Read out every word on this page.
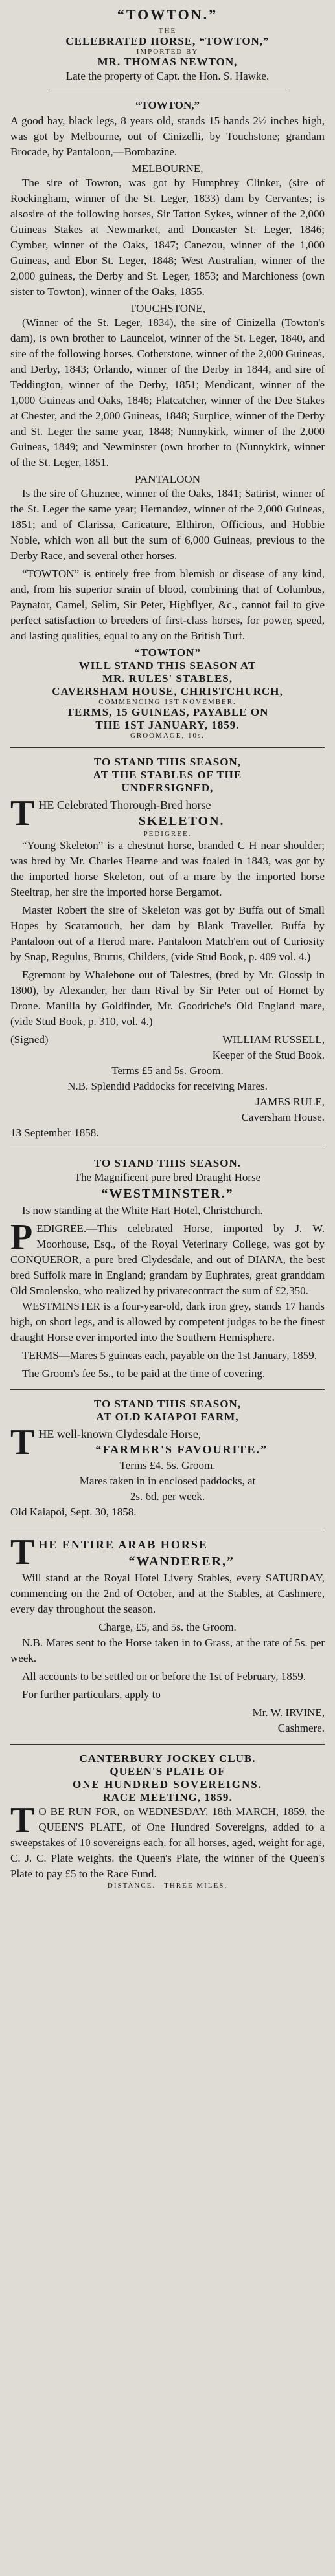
“TOWTON.”
THE
CELEBRATED HORSE, “TOWTON,”
IMPORTED BY
MR. THOMAS NEWTON,
Late the property of Capt. the Hon. S. Hawke.
“TOWTON,”

A good bay, black legs, 8 years old, stands 15 hands 2½ inches high, was got by Melbourne, out of Cinizelli, by Touchstone; grandam Brocade, by Pantaloon,—Bombazine.

MELBOURNE,

The sire of Towton, was got by Humphrey Clinker, (sire of Rockingham, winner of the St. Leger, 1833) dam by Cervantes; is alsosire of the following horses, Sir Tatton Sykes, winner of the 2,000 Guineas Stakes at Newmarket, and Doncaster St. Leger, 1846; Cymber, winner of the Oaks, 1847; Canezou, winner of the 1,000 Guineas, and Ebor St. Leger, 1848; West Australian, winner of the 2,000 guineas, the Derby and St. Leger, 1853; and Marchioness (own sister to Towton), winner of the Oaks, 1855.

TOUCHSTONE,

(Winner of the St. Leger, 1834), the sire of Cinizella (Towton's dam), is own brother to Launcelot, winner of the St. Leger, 1840, and sire of the following horses, Cotherstone, winner of the 2,000 Guineas, and Derby, 1843; Orlando, winner of the Derby in 1844, and sire of Teddington, winner of the Derby, 1851; Mendicant, winner of the 1,000 Guineas and Oaks, 1846; Flatcatcher, winner of the Dee Stakes at Chester, and the 2,000 Guineas, 1848; Surplice, winner of the Derby and St. Leger the same year, 1848; Nunnykirk, winner of the 2,000 Guineas, 1849; and Newminster (own brother to (Nunnykirk, winner of the St. Leger, 1851.

PANTALOON

Is the sire of Ghuznee, winner of the Oaks, 1841; Satirist, winner of the St. Leger the same year; Hernandez, winner of the 2,000 Guineas, 1851; and of Clarissa, Caricature, Elthiron, Officious, and Hobbie Noble, which won all but the sum of 6,000 Guineas, previous to the Derby Race, and several other horses.

“TOWTON” is entirely free from blemish or disease of any kind, and, from his superior strain of blood, combining that of Columbus, Paynator, Camel, Selim, Sir Peter, Highflyer, &c., cannot fail to give perfect satisfaction to breeders of first-class horses, for power, speed, and lasting qualities, equal to any on the British Turf.

“TOWTON”
WILL STAND THIS SEASON AT
MR. RULES' STABLES,
CAVERSHAM HOUSE, CHRISTCHURCH,
COMMENCING 1ST NOVEMBER.
TERMS, 15 GUINEAS, PAYABLE ON
THE 1ST JANUARY, 1859.
GROOMAGE, 10s.
TO STAND THIS SEASON,
AT THE STABLES OF THE
UNDERSIGNED,
T HE Celebrated Thorough-Bred horse
SKELETON.
PEDIGREE.

“Young Skeleton” is a chestnut horse, branded C H near shoulder; was bred by Mr. Charles Hearne and was foaled in 1843, was got by the imported horse Skeleton, out of a mare by the imported horse Steeltrap, her sire the imported horse Bergamot.

Master Robert the sire of Skeleton was got by Buffa out of Small Hopes by Scaramouch, her dam by Blank Traveller. Buffa by Pantaloon out of a Herod mare. Pantaloon Match'em out of Curiosity by Snap, Regulus, Brutus, Childers, (vide Stud Book, p. 409 vol. 4.)

Egremont by Whalebone out of Talestres, (bred by Mr. Glossip in 1800), by Alexander, her dam Rival by Sir Peter out of Hornet by Drone. Manilla by Goldfinder, Mr. Goodriche's Old England mare, (vide Stud Book, p. 310, vol. 4.)

(Signed)	WILLIAM RUSSELL,
Keeper of the Stud Book.
Terms £5 and 5s. Groom.
N.B. Splendid Paddocks for receiving Mares.
JAMES RULE,
Caversham House.
13 September 1858.
TO STAND THIS SEASON.
The Magnificent pure bred Draught Horse
“WESTMINSTER.”

Is now standing at the White Hart Hotel, Christchurch.

P EDIGREE.—This celebrated Horse, imported by J. W. Moorhouse, Esq., of the Royal Veterinary College, was got by CONQUEROR, a pure bred Clydesdale, and out of DIANA, the best bred Suffolk mare in England; grandam by Euphrates, great granddam Old Smolensko, who realized by privatecontract the sum of £2,350.

WESTMINSTER is a four-year-old, dark iron grey, stands 17 hands high, on short legs, and is allowed by competent judges to be the finest draught Horse ever imported into the Southern Hemisphere.

TERMS—Mares 5 guineas each, payable on the 1st January, 1859.

The Groom's fee 5s., to be paid at the time of covering.

TO STAND THIS SEASON,
AT OLD KAIAPOI FARM,
T HE well-known Clydesdale Horse,
“FARMER'S FAVOURITE.”
Terms £4. 5s. Groom.
Mares taken in in enclosed paddocks, at
2s. 6d. per week.
Old Kaiapoi, Sept. 30, 1858.
T HE ENTIRE ARAB HORSE
“WANDERER,”

Will stand at the Royal Hotel Livery Stables, every SATURDAY, commencing on the 2nd of October, and at the Stables, at Cashmere, every day throughout the season.

Charge, £5, and 5s. the Groom.

N.B. Mares sent to the Horse taken in to Grass, at the rate of 5s. per week.

All accounts to be settled on or before the 1st of February, 1859.

For further particulars, apply to

Mr. W. IRVINE,
Cashmere.
CANTERBURY JOCKEY CLUB.
QUEEN'S PLATE OF
ONE HUNDRED SOVEREIGNS.
RACE MEETING, 1859.
T O BE RUN FOR, on WEDNESDAY, 18th MARCH, 1859, the QUEEN'S PLATE, of One Hundred Sovereigns, added to a sweepstakes of 10 sovereigns each, for all horses, aged, weight for age, C. J. C. Plate weights. the Queen's Plate, the winner of the Queen's Plate to pay £5 to the Race Fund.

DISTANCE.—THREE MILES.
